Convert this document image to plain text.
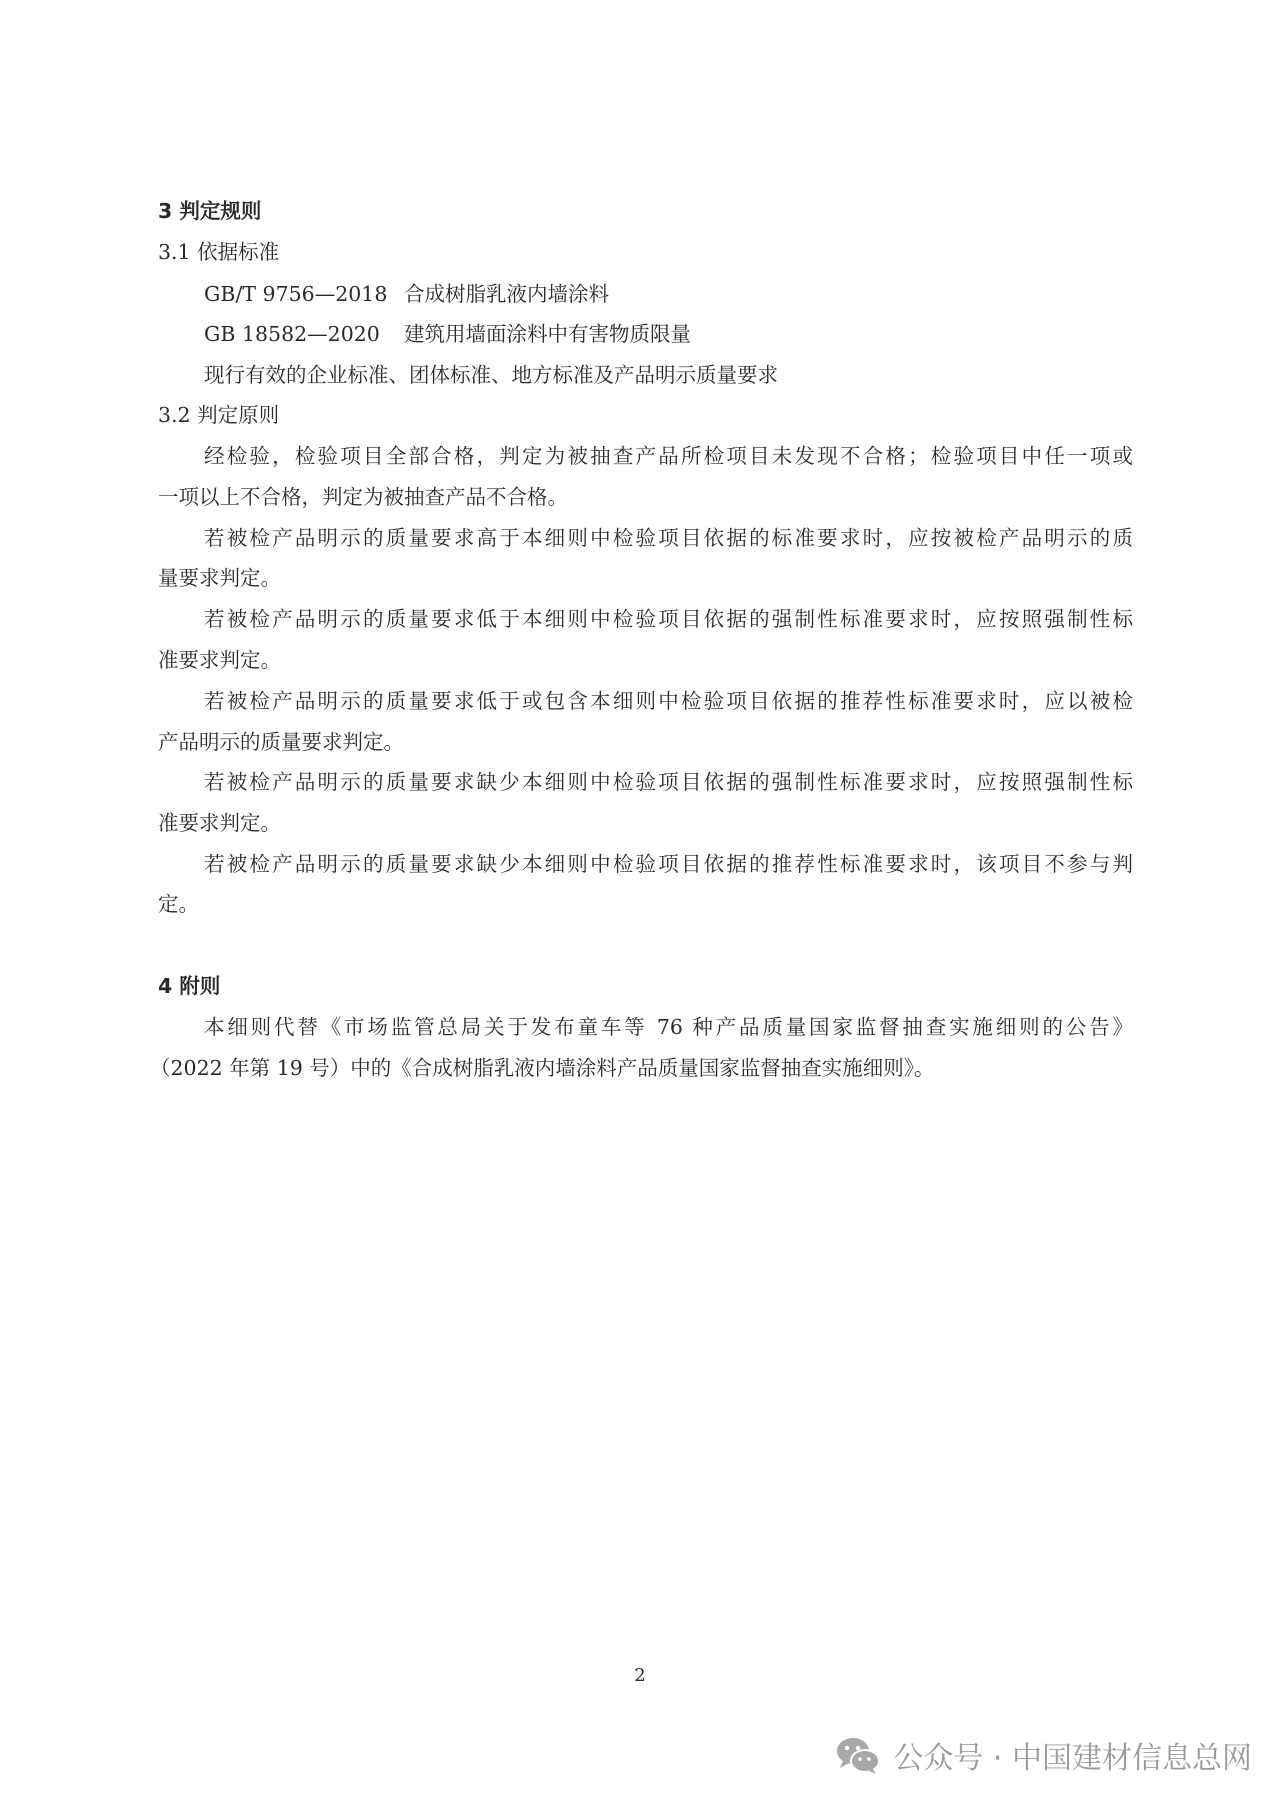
3 判定规则
3.1 依据标准
GB/T 9756—2018 合成树脂乳液内墙涂料
GB 18582—2020 建筑用墙面涂料中有害物质限量
现行有效的企业标准、团体标准、地方标准及产品明示质量要求
3.2 判定原则
经检验，检验项目全部合格，判定为被抽查产品所检项目未发现不合格；检验项目中任一项或
一项以上不合格，判定为被抽查产品不合格。
若被检产品明示的质量要求高于本细则中检验项目依据的标准要求时，应按被检产品明示的质
量要求判定。
若被检产品明示的质量要求低于本细则中检验项目依据的强制性标准要求时，应按照强制性标
准要求判定。
若被检产品明示的质量要求低于或包含本细则中检验项目依据的推荐性标准要求时，应以被检
产品明示的质量要求判定。
若被检产品明示的质量要求缺少本细则中检验项目依据的强制性标准要求时，应按照强制性标
准要求判定。
若被检产品明示的质量要求缺少本细则中检验项目依据的推荐性标准要求时，该项目不参与判
定。
4 附则
本细则代替《市场监管总局关于发布童车等 76 种产品质量国家监督抽查实施细则的公告》
（2022 年第 19 号）中的《合成树脂乳液内墙涂料产品质量国家监督抽查实施细则》。
2
公众号 · 中国建材信息总网
